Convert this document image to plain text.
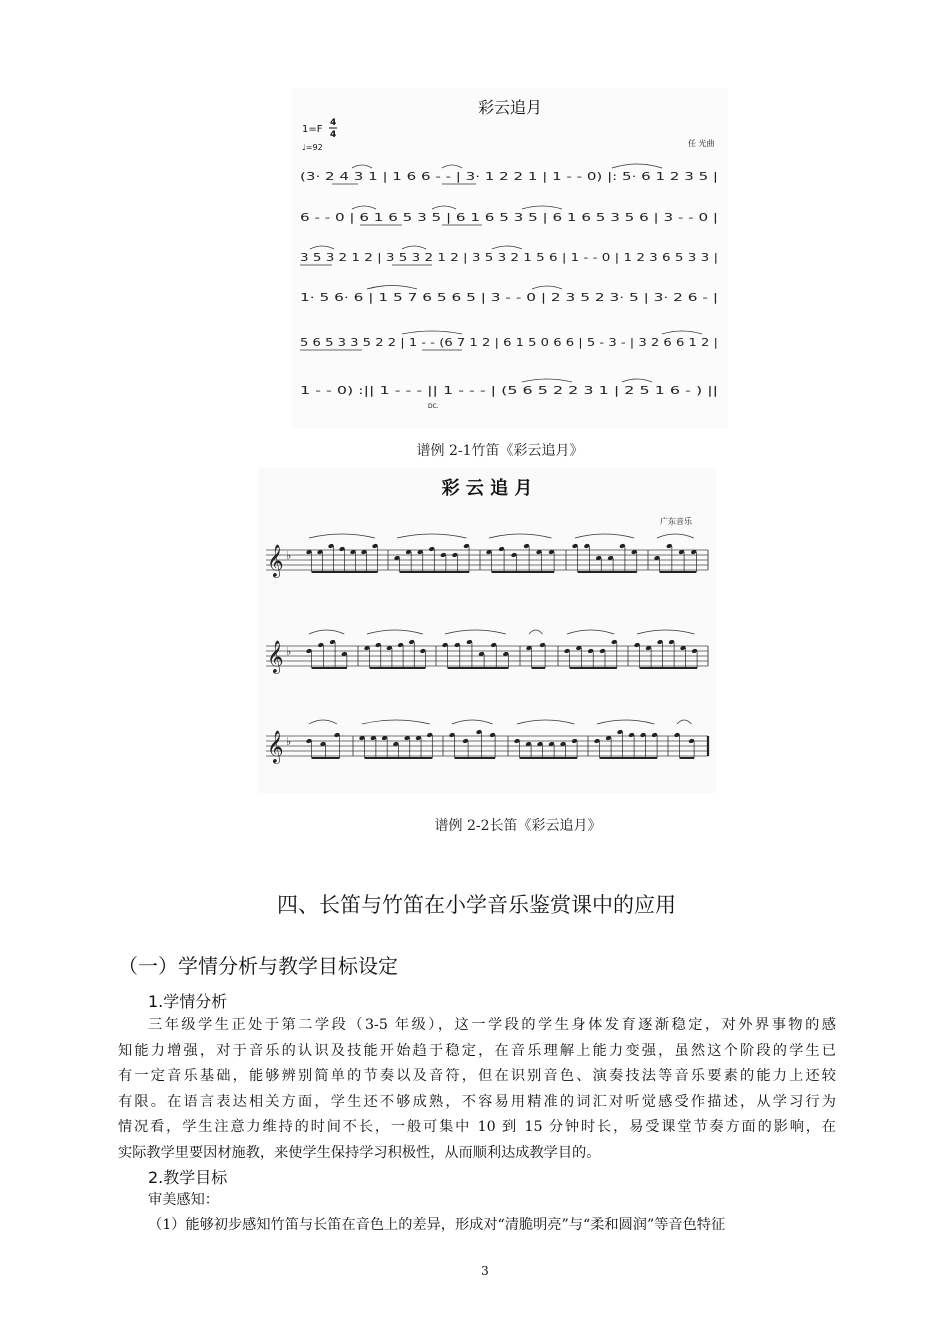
彩云追月
1=F
4
4
♩=92	任 光曲
(3· 2 4 3 1 | 1 6 6 - - | 3· 1 2 2 1 | 1 - - 0) |: 5· 6 1 2 3 5 |
6 - - 0 | 6 1 6 5 3 5 | 6 1 6 5 3 5 | 6 1 6 5 3 5 6 | 3 - - 0 |
3 5 3 2 1 2 | 3 5 3 2 1 2 | 3 5 3 2 1 5 6 | 1 - - 0 | 1 2 3 6 5 3 3 |
1· 5 6· 6 | 1 5 7 6 5 6 5 | 3 - - 0 | 2 3 5 2 3· 5 | 3· 2 6 - |
5 6 5 3 3 5 2 2 | 1 - - (6 7 1 2 | 6 1 5 0 6 6 | 5 - 3 - | 3 2 6 6 1 2 |
1 - - 0) :|| 1 - - - || 1 - - - | (5 6 5 2 2 3 1 | 2 5 1 6 - ) ||
DC.
谱例 2-1竹笛《彩云追月》
彩 云 追 月
广东音乐
𝄞 ♭
𝄞 ♭
𝄞 ♭
谱例 2-2长笛《彩云追月》
四、长笛与竹笛在小学音乐鉴赏课中的应用
（一）学情分析与教学目标设定
1.学情分析
三年级学生正处于第二学段（3-5 年级），这一学段的学生身体发育逐渐稳定，对外界事物的感
知能力增强，对于音乐的认识及技能开始趋于稳定，在音乐理解上能力变强，虽然这个阶段的学生已
有一定音乐基础，能够辨别简单的节奏以及音符，但在识别音色、演奏技法等音乐要素的能力上还较
有限。在语言表达相关方面，学生还不够成熟，不容易用精准的词汇对听觉感受作描述，从学习行为
情况看，学生注意力维持的时间不长，一般可集中 10 到 15 分钟时长，易受课堂节奏方面的影响，在
实际教学里要因材施教，来使学生保持学习积极性，从而顺利达成教学目的。
2.教学目标
审美感知：
（1）能够初步感知竹笛与长笛在音色上的差异，形成对“清脆明亮”与“柔和圆润”等音色特征
3
